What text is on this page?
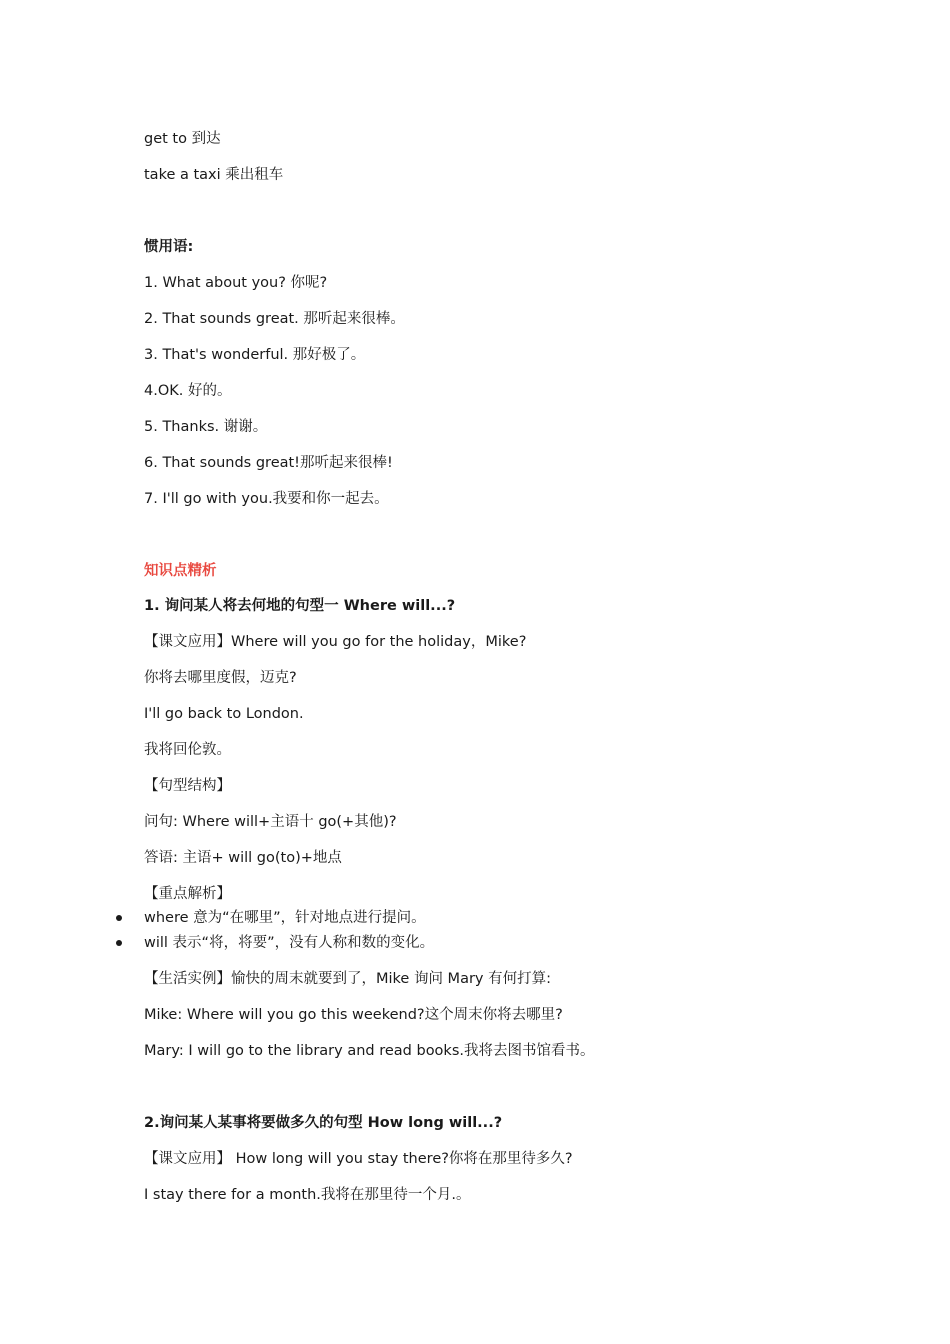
get to 到达
take a taxi 乘出租车
惯用语:
1. What about you? 你呢?
2. That sounds great. 那听起来很棒。
3. That's wonderful. 那好极了。
4.OK. 好的。
5. Thanks. 谢谢。
6. That sounds great!那听起来很棒!
7. I'll go with you.我要和你一起去。
知识点精析
1. 询问某人将去何地的句型一 Where will...?
【课文应用】Where will you go for the holiday，Mike?
你将去哪里度假，迈克?
I'll go back to London.
我将回伦敦。
【句型结构】
问句: Where will+主语十 go(+其他)?
答语: 主语+ will go(to)+地点
【重点解析】
where 意为“在哪里”，针对地点进行提问。
will 表示“将，将要”，没有人称和数的变化。
【生活实例】愉快的周末就要到了，Mike 询问 Mary 有何打算:
Mike: Where will you go this weekend?这个周末你将去哪里?
Mary: I will go to the library and read books.我将去图书馆看书。
2.询问某人某事将要做多久的句型 How long will...?
【课文应用】 How long will you stay there?你将在那里待多久?
I stay there for a month.我将在那里待一个月.。
